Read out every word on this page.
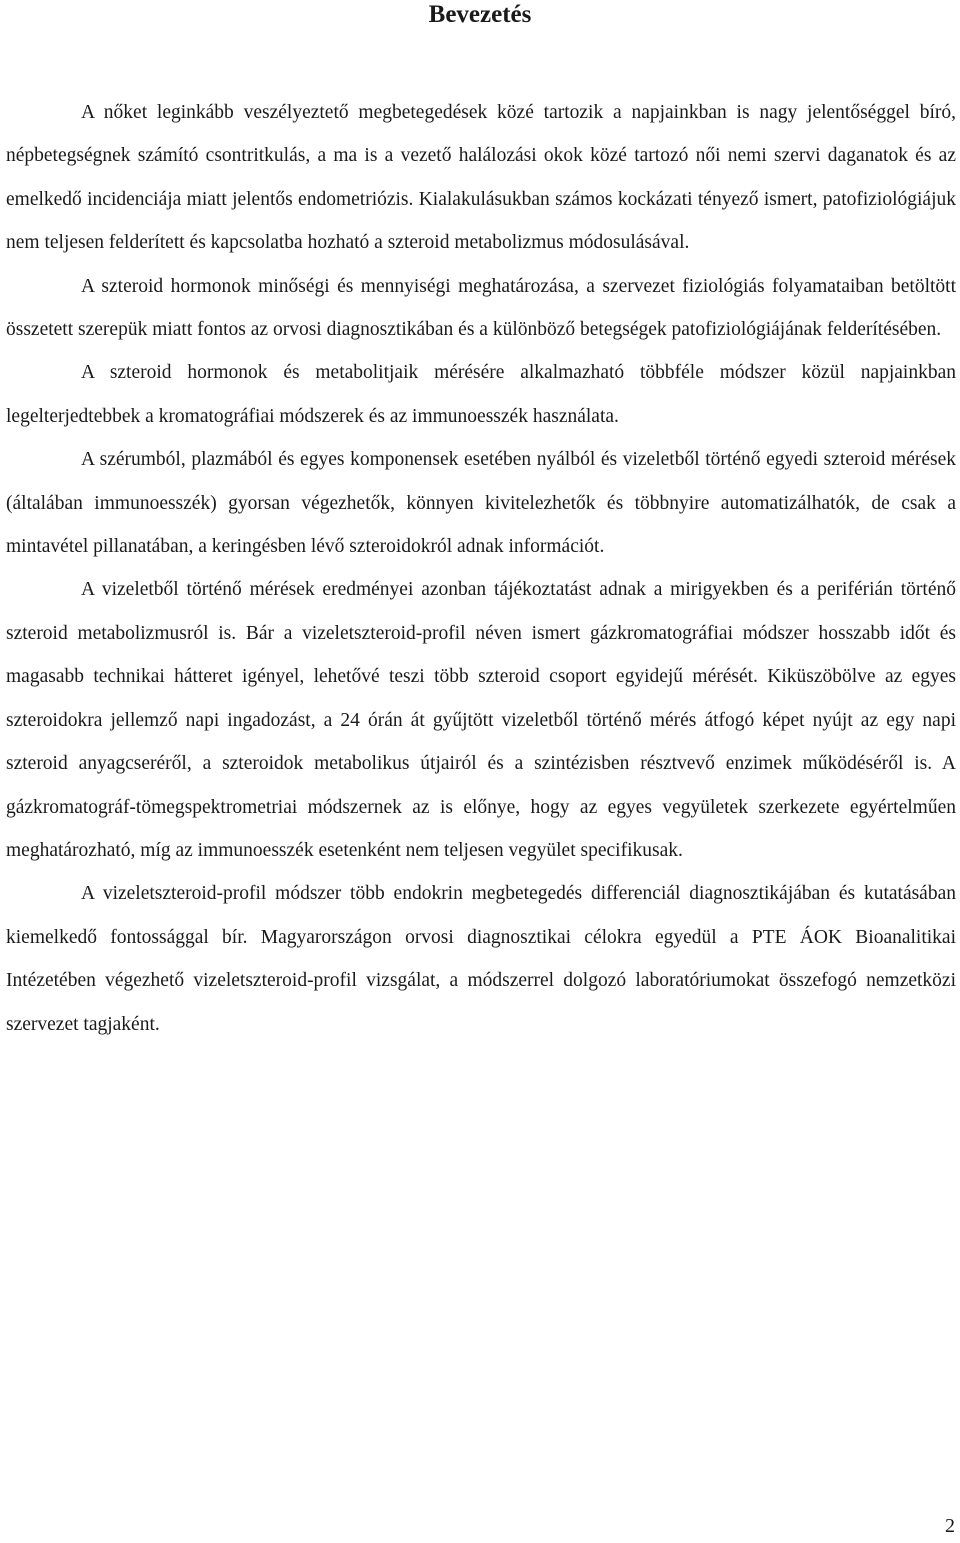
Bevezetés

A nőket leginkább veszélyeztető megbetegedések közé tartozik a napjainkban is nagy jelentőséggel bíró, népbetegségnek számító csontritkulás, a ma is a vezető halálozási okok közé tartozó női nemi szervi daganatok és az emelkedő incidenciája miatt jelentős endometriózis. Kialakulásukban számos kockázati tényező ismert, patofiziológiájuk nem teljesen felderített és kapcsolatba hozható a szteroid metabolizmus módosulásával.

A szteroid hormonok minőségi és mennyiségi meghatározása, a szervezet fiziológiás folyamataiban betöltött összetett szerepük miatt fontos az orvosi diagnosztikában és a különböző betegségek patofiziológiájának felderítésében.

A szteroid hormonok és metabolitjaik mérésére alkalmazható többféle módszer közül napjainkban legelterjedtebbek a kromatográfiai módszerek és az immunoesszék használata.

A szérumból, plazmából és egyes komponensek esetében nyálból és vizeletből történő egyedi szteroid mérések (általában immunoesszék) gyorsan végezhetők, könnyen kivitelezhetők és többnyire automatizálhatók, de csak a mintavétel pillanatában, a keringésben lévő szteroidokról adnak információt.

A vizeletből történő mérések eredményei azonban tájékoztatást adnak a mirigyekben és a periférián történő szteroid metabolizmusról is. Bár a vizeletszteroid-profil néven ismert gázkromatográfiai módszer hosszabb időt és magasabb technikai hátteret igényel, lehetővé teszi több szteroid csoport egyidejű mérését. Kiküszöbölve az egyes szteroidokra jellemző napi ingadozást, a 24 órán át gyűjtött vizeletből történő mérés átfogó képet nyújt az egy napi szteroid anyagcseréről, a szteroidok metabolikus útjairól és a szintézisben résztvevő enzimek működéséről is. A gázkromatográf-tömegspektrometriai módszernek az is előnye, hogy az egyes vegyületek szerkezete egyértelműen meghatározható, míg az immunoesszék esetenként nem teljesen vegyület specifikusak.

A vizeletszteroid-profil módszer több endokrin megbetegedés differenciál diagnosztikájában és kutatásában kiemelkedő fontossággal bír. Magyarországon orvosi diagnosztikai célokra egyedül a PTE ÁOK Bioanalitikai Intézetében végezhető vizeletszteroid-profil vizsgálat, a módszerrel dolgozó laboratóriumokat összefogó nemzetközi szervezet tagjaként.

2
